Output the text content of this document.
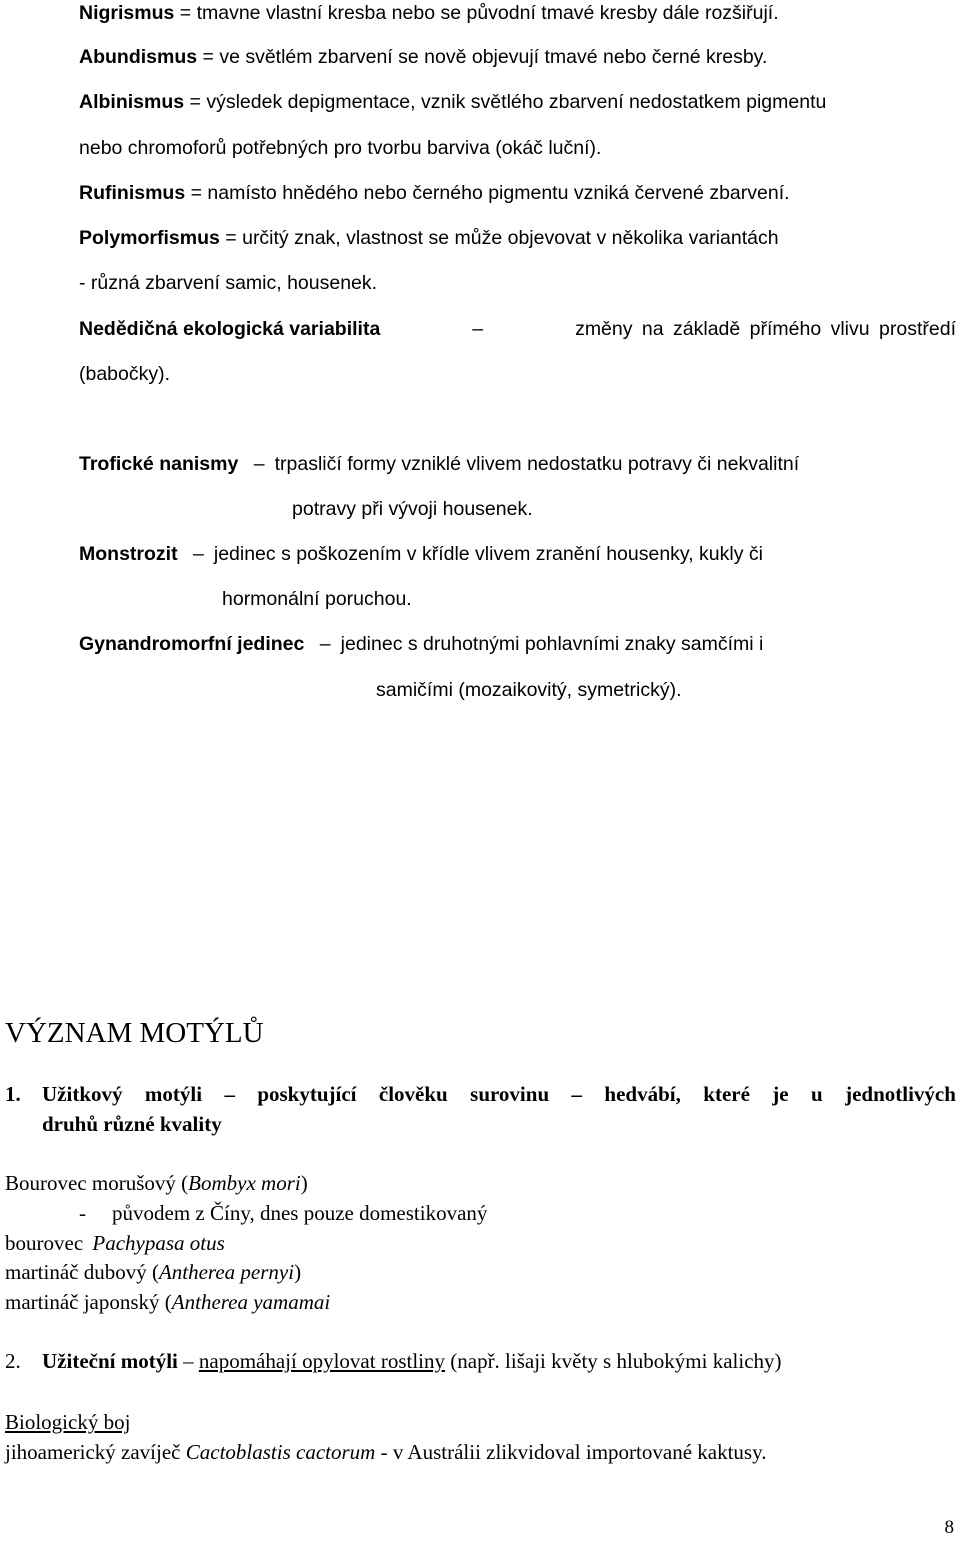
Nigrismus = tmavne vlastní kresba nebo se původní tmavé kresby dále rozšiřují.
Abundismus = ve světlém zbarvení se nově objevují tmavé nebo černé kresby.
Albinismus = výsledek depigmentace, vznik světlého zbarvení nedostatkem pigmentu
nebo chromoforů potřebných pro tvorbu barviva (okáč luční).
Rufinismus = namísto hnědého nebo černého pigmentu vzniká červené zbarvení.
Polymorfismus = určitý znak, vlastnost se může objevovat v několika variantách
- různá zbarvení samic, housenek.
Nedědičná ekologická variabilita	–	změny na základě přímého vlivu prostředí
(babočky).
Trofické nanismy – trpasličí formy vzniklé vlivem nedostatku potravy či nekvalitní
potravy při vývoji housenek.
Monstrozit – jedinec s poškozením v křídle vlivem zranění housenky, kukly či
hormonální poruchou.
Gynandromorfní jedinec – jedinec s druhotnými pohlavními znaky samčími i
samičími (mozaikovitý, symetrický).
VÝZNAM MOTÝLŮ
1. Užitkový motýli – poskytující člověku surovinu – hedvábí, které je u jednotlivých
druhů různé kvality
Bourovec morušový (Bombyx mori)
- původem z Číny, dnes pouze domestikovaný
bourovec Pachypasa otus
martináč dubový (Antherea pernyi)
martináč japonský (Antherea yamamai
2. Užiteční motýli – napomáhají opylovat rostliny (např. lišaji květy s hlubokými kalichy)
Biologický boj
jihoamerický zavíječ Cactoblastis cactorum - v Austrálii zlikvidoval importované kaktusy.
8
